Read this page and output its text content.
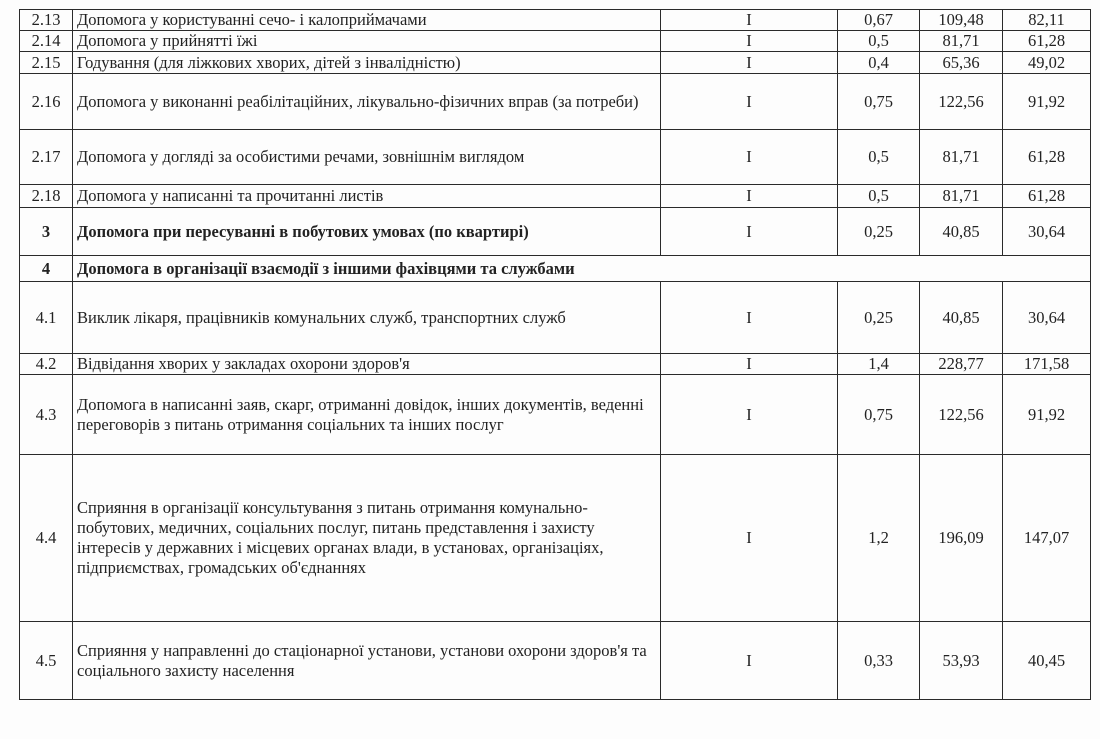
2.13	Допомога у користуванні сечо- і калоприймачами	I	0,67	109,48	82,11
2.14	Допомога у прийнятті їжі	I	0,5	81,71	61,28
2.15	Годування (для ліжкових хворих, дітей з інвалідністю)	I	0,4	65,36	49,02
2.16	Допомога у виконанні реабілітаційних, лікувально-фізичних вправ (за потреби)	I	0,75	122,56	91,92
2.17	Допомога у догляді за особистими речами, зовнішнім виглядом	I	0,5	81,71	61,28
2.18	Допомога у написанні та прочитанні листів	I	0,5	81,71	61,28
3	Допомога при пересуванні в побутових умовах (по квартирі)	I	0,25	40,85	30,64
4	Допомога в організації взаємодії з іншими фахівцями та службами				
4.1	Виклик лікаря, працівників комунальних служб, транспортних служб	I	0,25	40,85	30,64
4.2	Відвідання хворих у закладах охорони здоров'я	I	1,4	228,77	171,58
4.3	Допомога в написанні заяв, скарг, отриманні довідок, інших документів, веденні переговорів з питань отримання соціальних та інших послуг	I	0,75	122,56	91,92
4.4	Сприяння в організації консультування з питань отримання комунально-побутових, медичних, соціальних послуг, питань представлення і захисту інтересів у державних і місцевих органах влади, в установах, організаціях, підприємствах, громадських об'єднаннях	I	1,2	196,09	147,07
4.5	Сприяння у направленні до стаціонарної установи, установи охорони здоров'я та соціального захисту населення	I	0,33	53,93	40,45
